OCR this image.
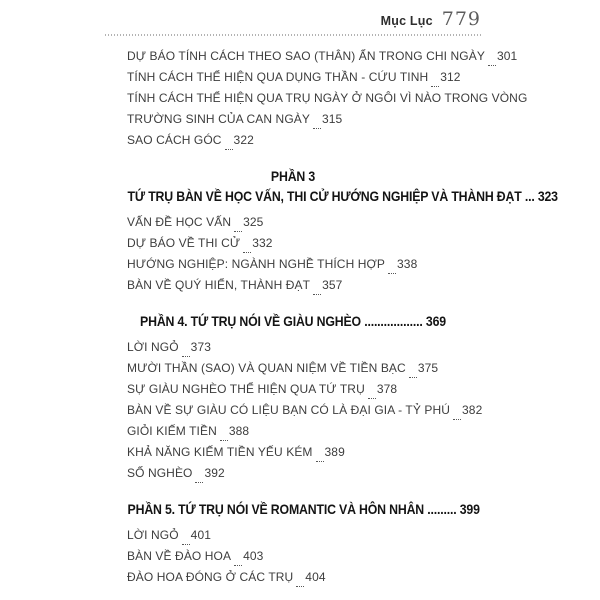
Mục Lục 779
DỰ BÁO TÍNH CÁCH THEO SAO (THÂN) ẨN TRONG CHI NGÀY 301
TÍNH CÁCH THỂ HIỆN QUA DỤNG THẦN - CỨU TINH 312
TÍNH CÁCH THỂ HIỆN QUA TRỤ NGÀY Ở NGÔI VÌ NÀO TRONG VÒNG
TRƯỜNG SINH CỦA CAN NGÀY 315
SAO CÁCH GÓC 322
PHẦN 3
TỨ TRỤ BÀN VỀ HỌC VẤN, THI CỬ HƯỚNG NGHIỆP VÀ THÀNH ĐẠT ... 323
VẤN ĐỀ HỌC VẤN 325
DỰ BÁO VỀ THI CỬ 332
HƯỚNG NGHIỆP: NGÀNH NGHỀ THÍCH HỢP 338
BÀN VỀ QUÝ HIỂN, THÀNH ĐẠT 357
PHẦN 4. TỨ TRỤ NÓI VỀ GIÀU NGHÈO .................. 369
LỜI NGỎ 373
MƯỜI THẦN (SAO) VÀ QUAN NIỆM VỀ TIỀN BẠC 375
SỰ GIÀU NGHÈO THỂ HIỆN QUA TỨ TRỤ 378
BÀN VỀ SỰ GIÀU CÓ LIỆU BẠN CÓ LÀ ĐẠI GIA - TỶ PHÚ 382
GIỎI KIẾM TIỀN 388
KHẢ NĂNG KIẾM TIỀN YẾU KÉM 389
SỐ NGHÈO 392
PHẦN 5. TỨ TRỤ NÓI VỀ ROMANTIC VÀ HÔN NHÂN ......... 399
LỜI NGỎ 401
BÀN VỀ ĐÀO HOA 403
ĐÀO HOA ĐÓNG Ở CÁC TRỤ 404
